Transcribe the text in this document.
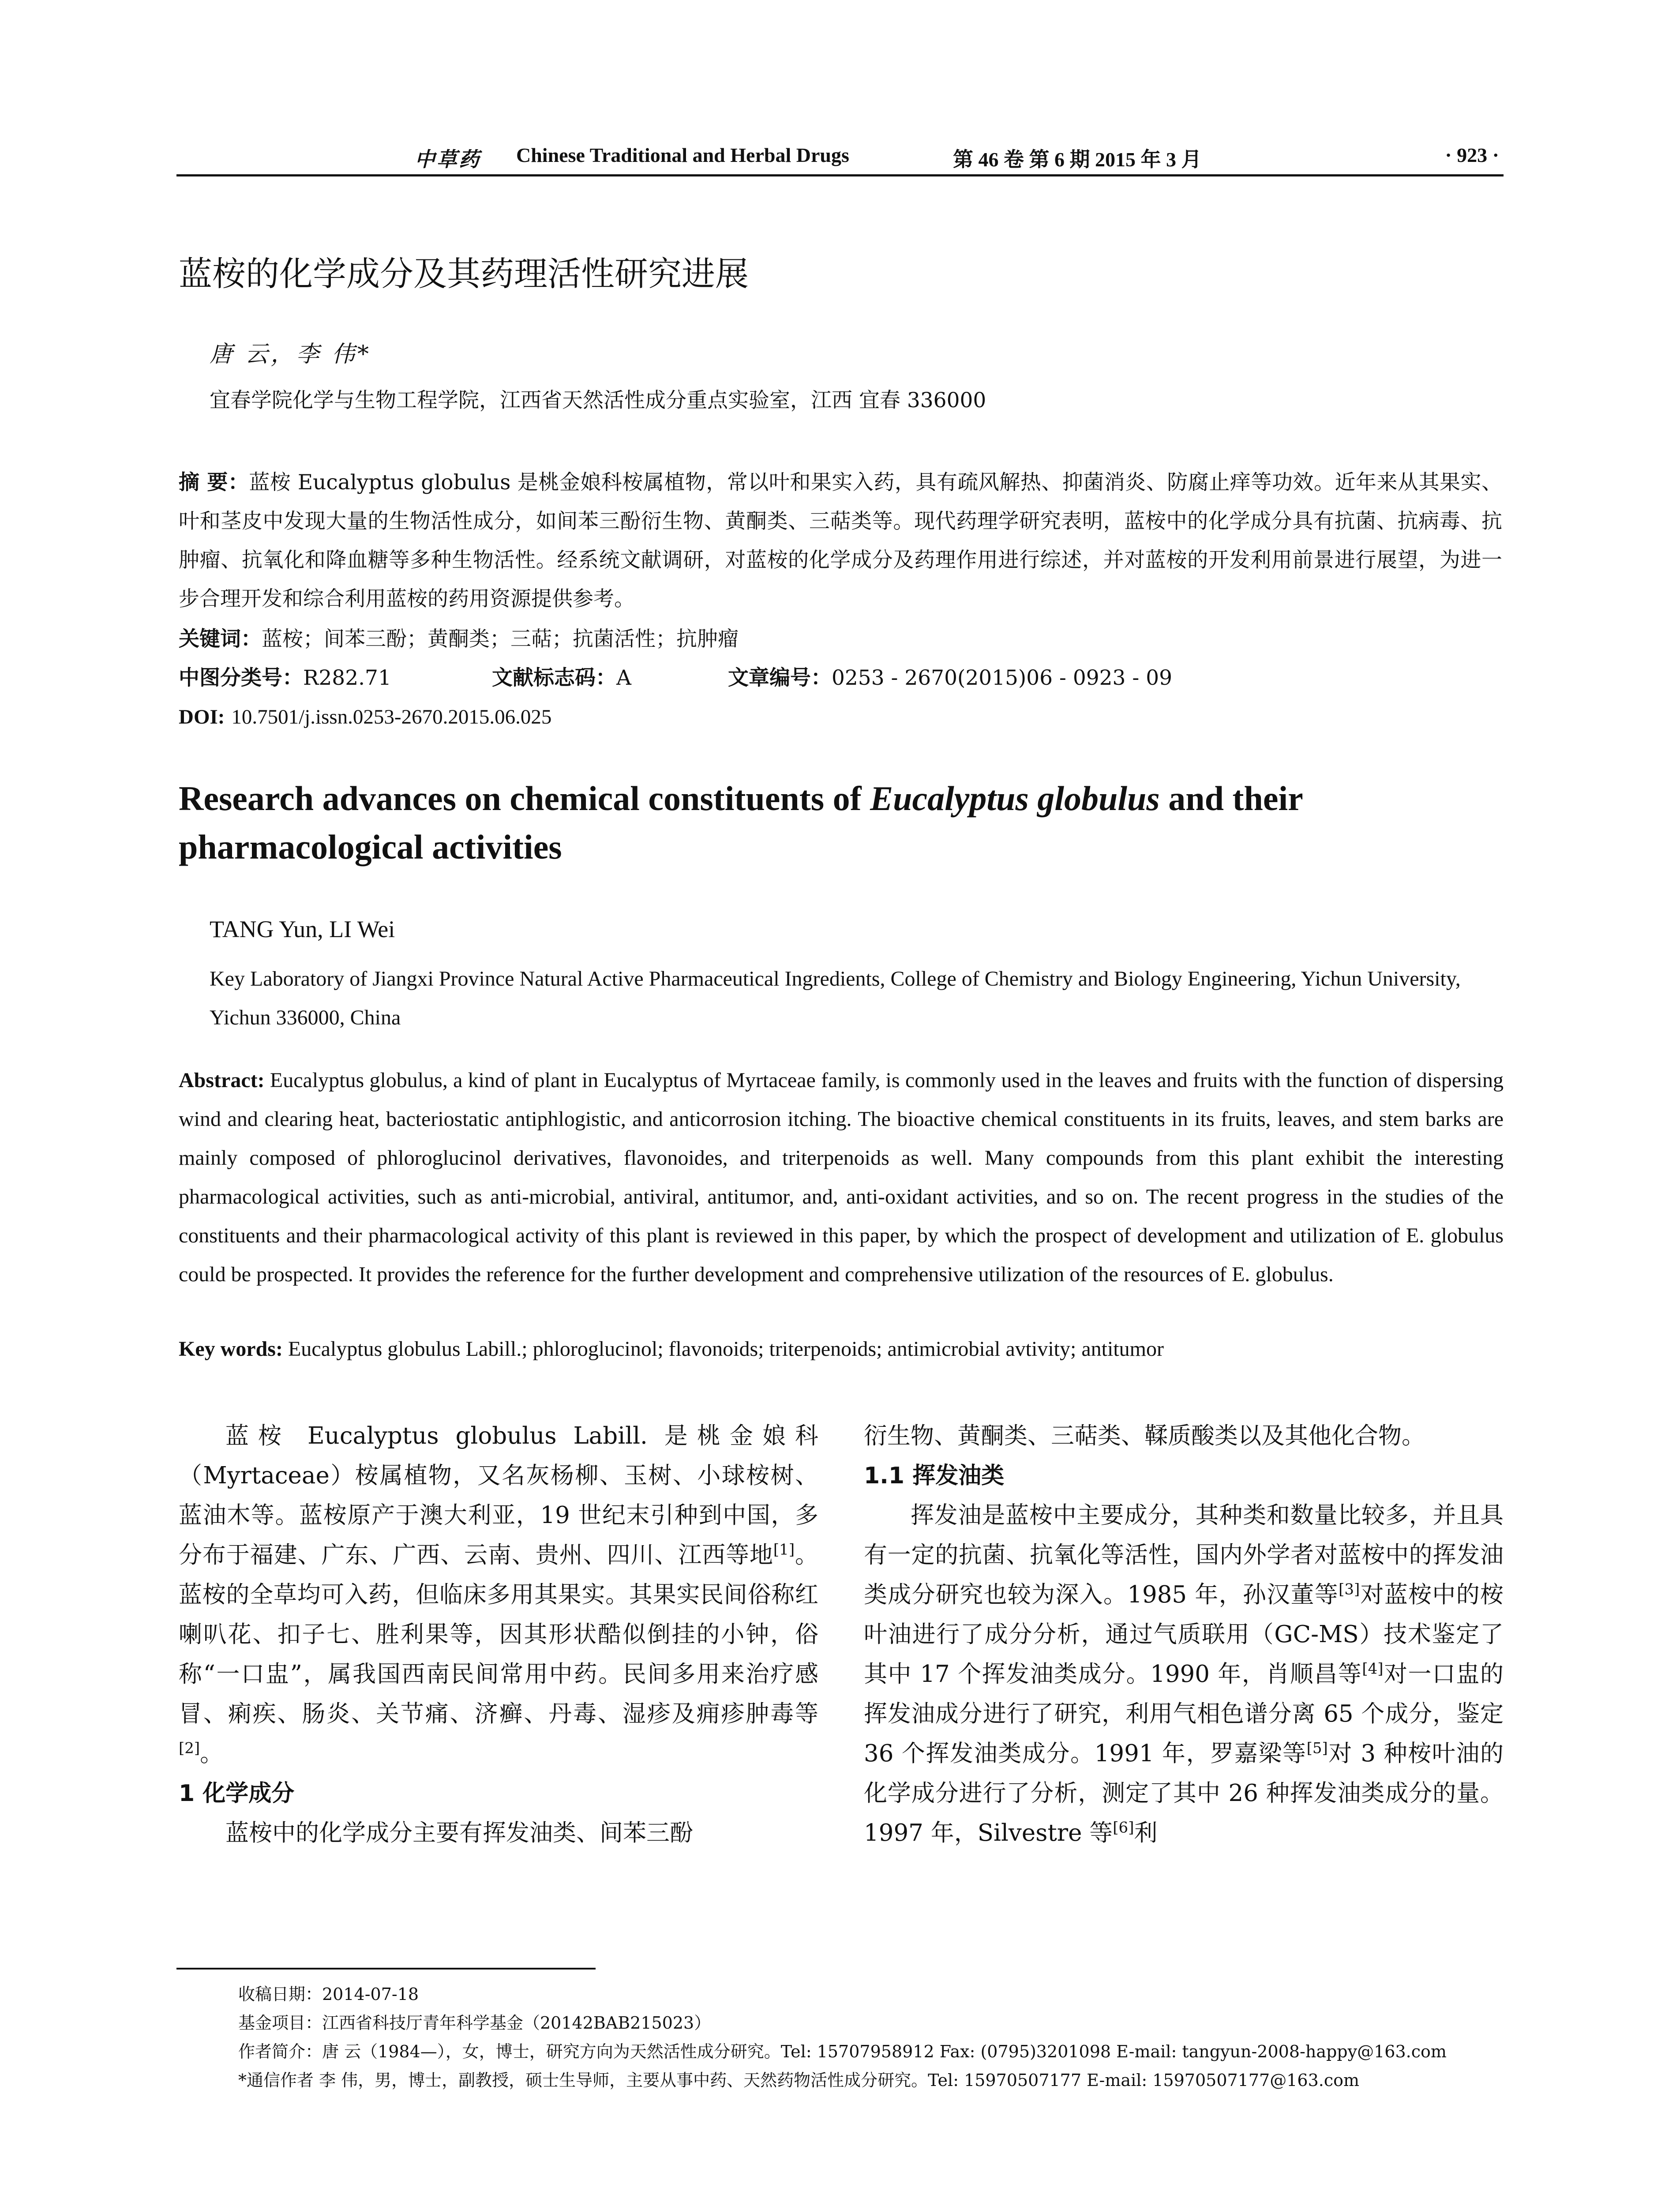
中草药 Chinese Traditional and Herbal Drugs	第 46 卷 第 6 期 2015 年 3 月	· 923 ·
蓝桉的化学成分及其药理活性研究进展
唐 云，李 伟*
宜春学院化学与生物工程学院，江西省天然活性成分重点实验室，江西 宜春 336000
摘 要：蓝桉 Eucalyptus globulus 是桃金娘科桉属植物，常以叶和果实入药，具有疏风解热、抑菌消炎、防腐止痒等功效。近年来从其果实、叶和茎皮中发现大量的生物活性成分，如间苯三酚衍生物、黄酮类、三萜类等。现代药理学研究表明，蓝桉中的化学成分具有抗菌、抗病毒、抗肿瘤、抗氧化和降血糖等多种生物活性。经系统文献调研，对蓝桉的化学成分及药理作用进行综述，并对蓝桉的开发利用前景进行展望，为进一步合理开发和综合利用蓝桉的药用资源提供参考。
关键词：蓝桉；间苯三酚；黄酮类；三萜；抗菌活性；抗肿瘤
中图分类号：R282.71	文献标志码：A	文章编号：0253 - 2670(2015)06 - 0923 - 09
DOI: 10.7501/j.issn.0253-2670.2015.06.025
Research advances on chemical constituents of Eucalyptus globulus and their pharmacological activities
TANG Yun, LI Wei
Key Laboratory of Jiangxi Province Natural Active Pharmaceutical Ingredients, College of Chemistry and Biology Engineering, Yichun University, Yichun 336000, China
Abstract: Eucalyptus globulus, a kind of plant in Eucalyptus of Myrtaceae family, is commonly used in the leaves and fruits with the function of dispersing wind and clearing heat, bacteriostatic antiphlogistic, and anticorrosion itching. The bioactive chemical constituents in its fruits, leaves, and stem barks are mainly composed of phloroglucinol derivatives, flavonoides, and triterpenoids as well. Many compounds from this plant exhibit the interesting pharmacological activities, such as anti-microbial, antiviral, antitumor, and, anti-oxidant activities, and so on. The recent progress in the studies of the constituents and their pharmacological activity of this plant is reviewed in this paper, by which the prospect of development and utilization of E. globulus could be prospected. It provides the reference for the further development and comprehensive utilization of the resources of E. globulus.
Key words: Eucalyptus globulus Labill.; phloroglucinol; flavonoids; triterpenoids; antimicrobial avtivity; antitumor

蓝桉 Eucalyptus globulus Labill. 是桃金娘科（Myrtaceae）桉属植物，又名灰杨柳、玉树、小球桉树、蓝油木等。蓝桉原产于澳大利亚，19 世纪末引种到中国，多分布于福建、广东、广西、云南、贵州、四川、江西等地[1]。蓝桉的全草均可入药，但临床多用其果实。其果实民间俗称红喇叭花、扣子七、胜利果等，因其形状酷似倒挂的小钟，俗称“一口盅”，属我国西南民间常用中药。民间多用来治疗感冒、痢疾、肠炎、关节痛、济癣、丹毒、湿疹及痈疹肿毒等[2]。

1 化学成分

蓝桉中的化学成分主要有挥发油类、间苯三酚

衍生物、黄酮类、三萜类、鞣质酸类以及其他化合物。

1.1 挥发油类

挥发油是蓝桉中主要成分，其种类和数量比较多，并且具有一定的抗菌、抗氧化等活性，国内外学者对蓝桉中的挥发油类成分研究也较为深入。1985 年，孙汉董等[3]对蓝桉中的桉叶油进行了成分分析，通过气质联用（GC-MS）技术鉴定了其中 17 个挥发油类成分。1990 年，肖顺昌等[4]对一口盅的挥发油成分进行了研究，利用气相色谱分离 65 个成分，鉴定 36 个挥发油类成分。1991 年，罗嘉梁等[5]对 3 种桉叶油的化学成分进行了分析，测定了其中 26 种挥发油类成分的量。1997 年，Silvestre 等[6]利

收稿日期：2014-07-18
基金项目：江西省科技厅青年科学基金（20142BAB215023）
作者简介：唐 云（1984—），女，博士，研究方向为天然活性成分研究。Tel: 15707958912 Fax: (0795)3201098 E-mail: tangyun-2008-happy@163.com
*通信作者 李 伟，男，博士，副教授，硕士生导师，主要从事中药、天然药物活性成分研究。Tel: 15970507177 E-mail: 15970507177@163.com
